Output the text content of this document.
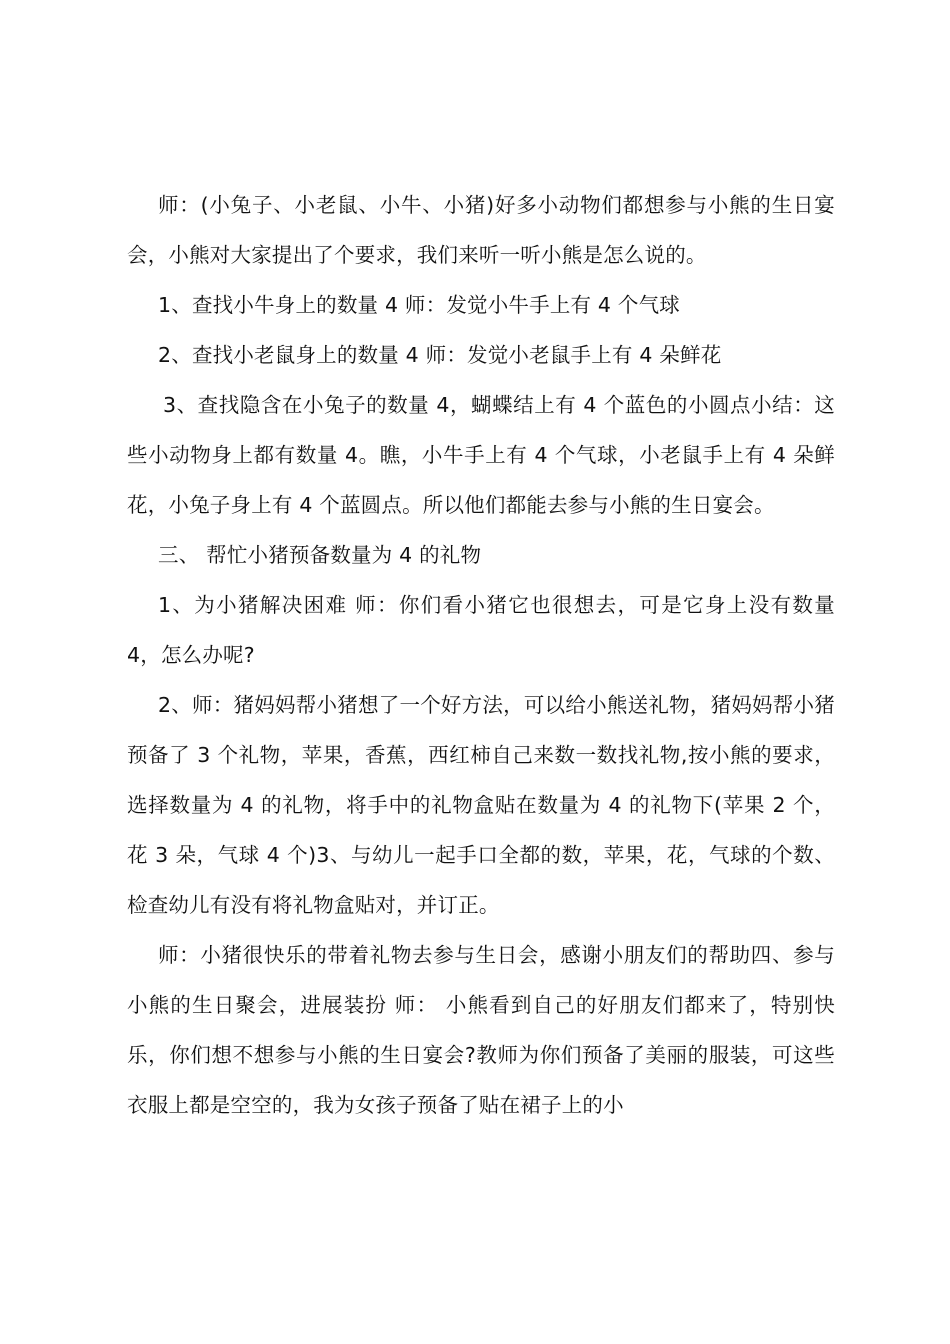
师：(小兔子、小老鼠、小牛、小猪)好多小动物们都想参与小熊的生日宴会，小熊对大家提出了个要求，我们来听一听小熊是怎么说的。

1、查找小牛身上的数量 4 师：发觉小牛手上有 4 个气球

2、查找小老鼠身上的数量 4 师：发觉小老鼠手上有 4 朵鲜花

3、查找隐含在小兔子的数量 4，蝴蝶结上有 4 个蓝色的小圆点小结：这些小动物身上都有数量 4。瞧，小牛手上有 4 个气球，小老鼠手上有 4 朵鲜花，小兔子身上有 4 个蓝圆点。所以他们都能去参与小熊的生日宴会。

三、 帮忙小猪预备数量为 4 的礼物

1、为小猪解决困难 师：你们看小猪它也很想去，可是它身上没有数量 4，怎么办呢?

2、师：猪妈妈帮小猪想了一个好方法，可以给小熊送礼物，猪妈妈帮小猪预备了 3 个礼物，苹果，香蕉，西红柿自己来数一数找礼物,按小熊的要求，选择数量为 4 的礼物，将手中的礼物盒贴在数量为 4 的礼物下(苹果 2 个，花 3 朵，气球 4 个)3、与幼儿一起手口全都的数，苹果，花，气球的个数、检查幼儿有没有将礼物盒贴对，并订正。

师：小猪很快乐的带着礼物去参与生日会，感谢小朋友们的帮助四、参与小熊的生日聚会，进展装扮 师： 小熊看到自己的好朋友们都来了，特别快乐，你们想不想参与小熊的生日宴会?教师为你们预备了美丽的服装，可这些衣服上都是空空的，我为女孩子预备了贴在裙子上的小
